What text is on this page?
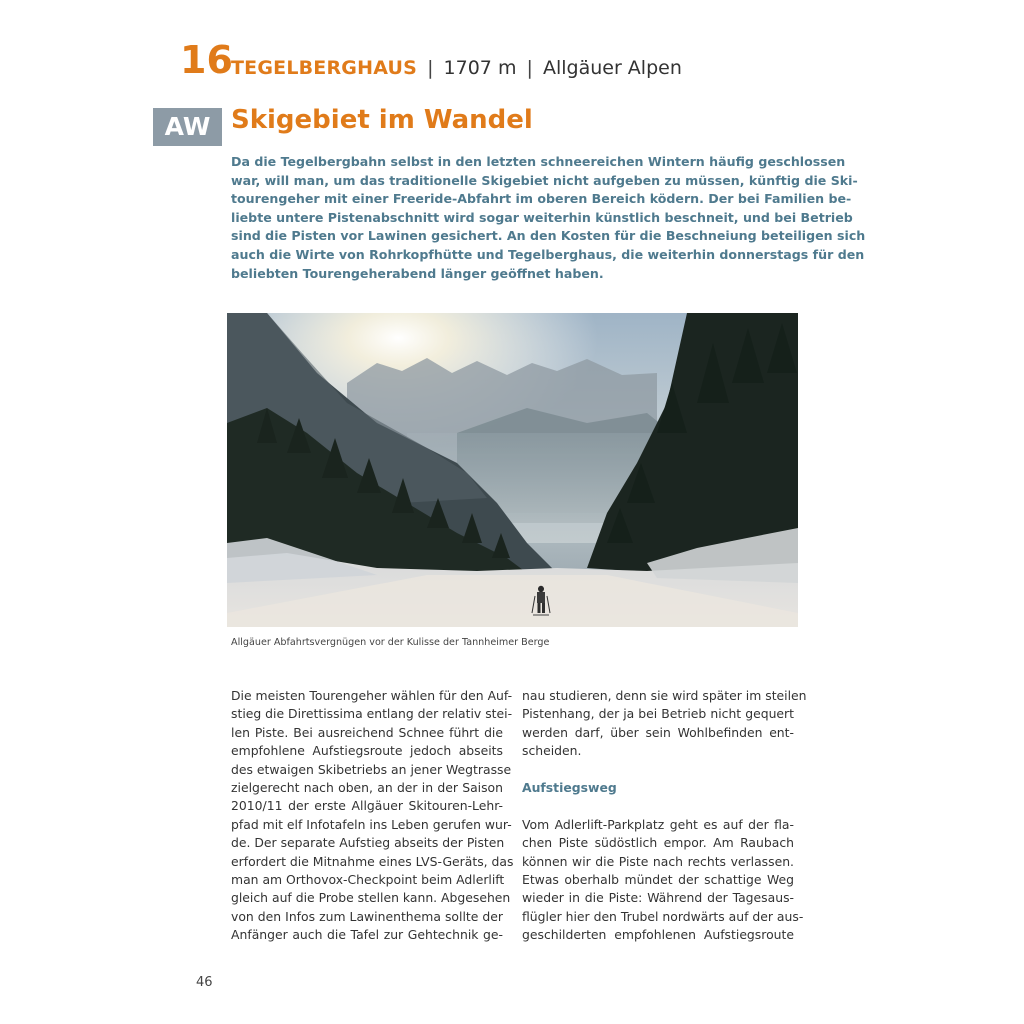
16
TEGELBERGHAUS | 1707 m | Allgäuer Alpen
AW Skigebiet im Wandel
Da die Tegelbergbahn selbst in den letzten schneereichen Wintern häufig geschlossen
war, will man, um das traditionelle Skigebiet nicht aufgeben zu müssen, künftig die Ski-
tourengeher mit einer Freeride-Abfahrt im oberen Bereich ködern. Der bei Familien be-
liebte untere Pistenabschnitt wird sogar weiterhin künstlich beschneit, und bei Betrieb
sind die Pisten vor Lawinen gesichert. An den Kosten für die Beschneiung beteiligen sich
auch die Wirte von Rohrkopfhütte und Tegelberghaus, die weiterhin donnerstags für den
beliebten Tourengeherabend länger geöffnet haben.
Allgäuer Abfahrtsvergnügen vor der Kulisse der Tannheimer Berge
Die meisten Tourengeher wählen für den Auf-
stieg die Direttissima entlang der relativ stei-
len Piste. Bei ausreichend Schnee führt die
empfohlene Aufstiegsroute jedoch abseits
des etwaigen Skibetriebs an jener Wegtrasse
zielgerecht nach oben, an der in der Saison
2010/11 der erste Allgäuer Skitouren-Lehr-
pfad mit elf Infotafeln ins Leben gerufen wur-
de. Der separate Aufstieg abseits der Pisten
erfordert die Mitnahme eines LVS-Geräts, das
man am Orthovox-Checkpoint beim Adlerlift
gleich auf die Probe stellen kann. Abgesehen
von den Infos zum Lawinenthema sollte der
Anfänger auch die Tafel zur Gehtechnik ge-
nau studieren, denn sie wird später im steilen
Pistenhang, der ja bei Betrieb nicht gequert
werden darf, über sein Wohlbefinden ent-
scheiden.
Aufstiegsweg
Vom Adlerlift-Parkplatz geht es auf der fla-
chen Piste südöstlich empor. Am Raubach
können wir die Piste nach rechts verlassen.
Etwas oberhalb mündet der schattige Weg
wieder in die Piste: Während der Tagesaus-
flügler hier den Trubel nordwärts auf der aus-
geschilderten empfohlenen Aufstiegsroute
46
